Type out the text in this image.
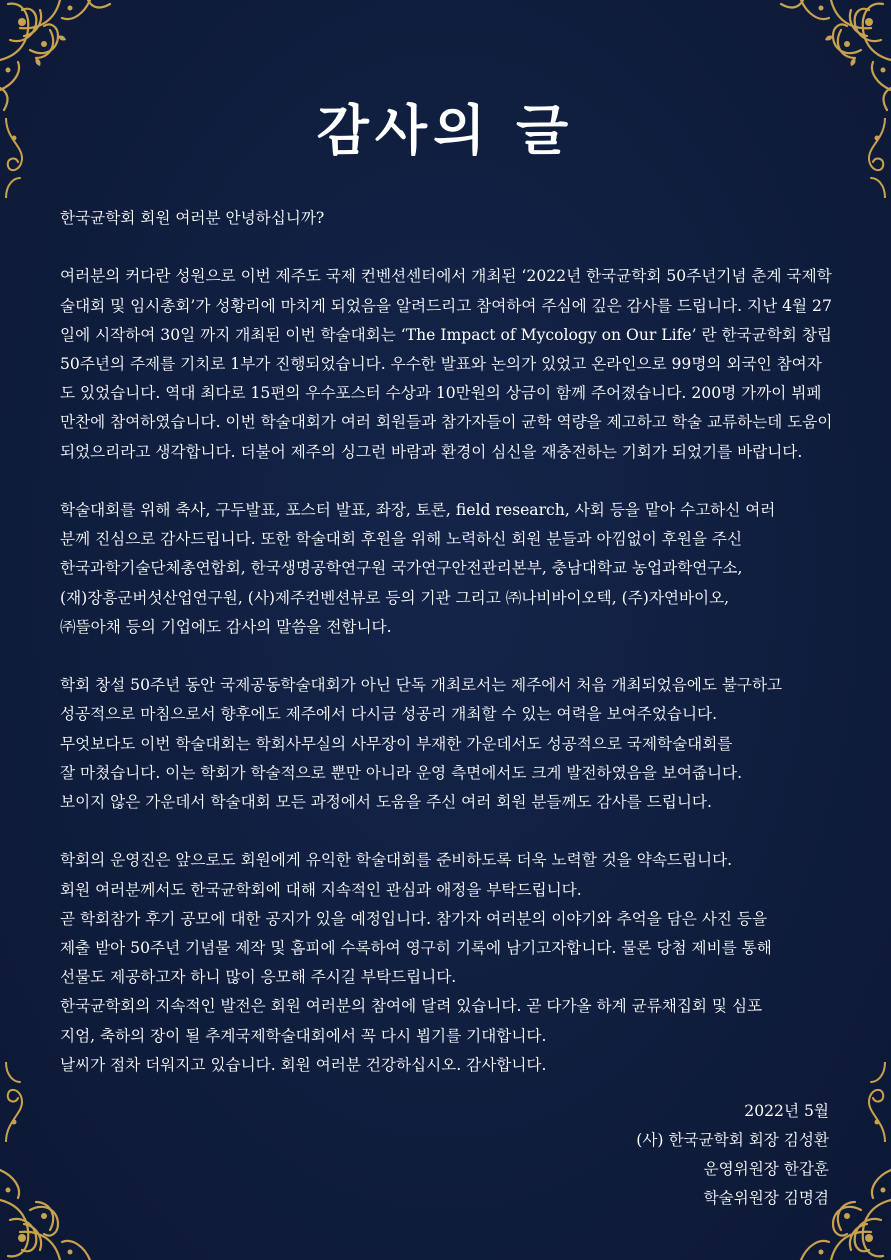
감사의 글

한국균학회 회원 여러분 안녕하십니까?

여러분의 커다란 성원으로 이번 제주도 국제 컨벤션센터에서 개최된 ‘2022년 한국균학회 50주년기념 춘계 국제학술대회 및 임시총회’가 성황리에 마치게 되었음을 알려드리고 참여하여 주심에 깊은 감사를 드립니다. 지난 4월 27일에 시작하여 30일 까지 개최된 이번 학술대회는 ‘The Impact of Mycology on Our Life’ 란 한국균학회 창립 50주년의 주제를 기치로 1부가 진행되었습니다. 우수한 발표와 논의가 있었고 온라인으로 99명의 외국인 참여자도 있었습니다. 역대 최다로 15편의 우수포스터 수상과 10만원의 상금이 함께 주어졌습니다. 200명 가까이 뷔페 만찬에 참여하였습니다. 이번 학술대회가 여러 회원들과 참가자들이 균학 역량을 제고하고 학술 교류하는데 도움이 되었으리라고 생각합니다. 더불어 제주의 싱그런 바람과 환경이 심신을 재충전하는 기회가 되었기를 바랍니다.

학술대회를 위해 축사, 구두발표, 포스터 발표, 좌장, 토론, field research, 사회 등을 맡아 수고하신 여러

분께 진심으로 감사드립니다. 또한 학술대회 후원을 위해 노력하신 회원 분들과 아낌없이 후원을 주신

한국과학기술단체총연합회, 한국생명공학연구원 국가연구안전관리본부, 충남대학교 농업과학연구소,

(재)장흥군버섯산업연구원, (사)제주컨벤션뷰로 등의 기관 그리고 ㈜나비바이오텍, (주)자연바이오,

㈜뜰아채 등의 기업에도 감사의 말씀을 전합니다.

학회 창설 50주년 동안 국제공동학술대회가 아닌 단독 개최로서는 제주에서 처음 개최되었음에도 불구하고

성공적으로 마침으로서 향후에도 제주에서 다시금 성공리 개최할 수 있는 여력을 보여주었습니다.

무엇보다도 이번 학술대회는 학회사무실의 사무장이 부재한 가운데서도 성공적으로 국제학술대회를

잘 마쳤습니다. 이는 학회가 학술적으로 뿐만 아니라 운영 측면에서도 크게 발전하였음을 보여줍니다.

보이지 않은 가운데서 학술대회 모든 과정에서 도움을 주신 여러 회원 분들께도 감사를 드립니다.

학회의 운영진은 앞으로도 회원에게 유익한 학술대회를 준비하도록 더욱 노력할 것을 약속드립니다.

회원 여러분께서도 한국균학회에 대해 지속적인 관심과 애정을 부탁드립니다.

곧 학회참가 후기 공모에 대한 공지가 있을 예정입니다. 참가자 여러분의 이야기와 추억을 담은 사진 등을

제출 받아 50주년 기념물 제작 및 홈피에 수록하여 영구히 기록에 남기고자합니다. 물론 당첨 제비를 통해

선물도 제공하고자 하니 많이 응모해 주시길 부탁드립니다.

한국균학회의 지속적인 발전은 회원 여러분의 참여에 달려 있습니다. 곧 다가올 하계 균류채집회 및 심포

지엄, 축하의 장이 될 추계국제학술대회에서 꼭 다시 뵙기를 기대합니다.

날씨가 점차 더워지고 있습니다. 회원 여러분 건강하십시오. 감사합니다.

2022년 5월
(사) 한국균학회 회장 김성환
운영위원장 한갑훈
학술위원장 김명겸
